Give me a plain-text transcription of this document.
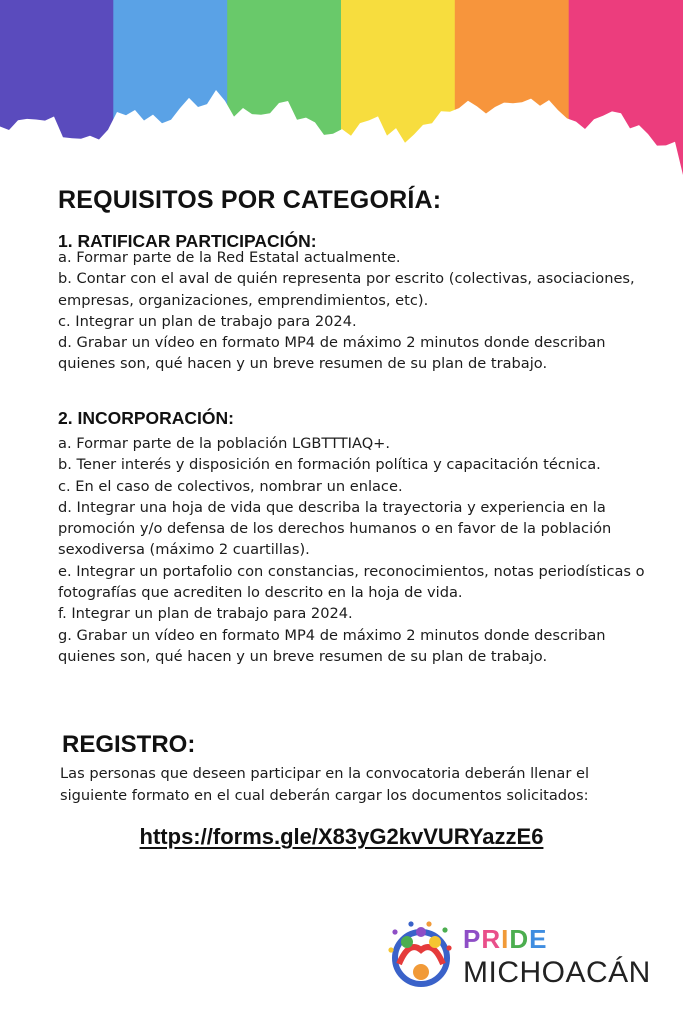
REQUISITOS POR CATEGORÍA:
1. RATIFICAR PARTICIPACIÓN:
a. Formar parte de la Red Estatal actualmente.
b. Contar con el aval de quién representa por escrito (colectivas, asociaciones, empresas, organizaciones, emprendimientos, etc).
c. Integrar un plan de trabajo para 2024.
d. Grabar un vídeo en formato MP4 de máximo 2 minutos donde describan quienes son, qué hacen y un breve resumen de su plan de trabajo.
2. INCORPORACIÓN:
a. Formar parte de la población LGBTTTIAQ+.
b. Tener interés y disposición en formación política y capacitación técnica.
c. En el caso de colectivos, nombrar un enlace.
d. Integrar una hoja de vida que describa la trayectoria y experiencia en la promoción y/o defensa de los derechos humanos o en favor de la población sexodiversa (máximo 2 cuartillas).
e. Integrar un portafolio con constancias, reconocimientos, notas periodísticas o fotografías que acrediten lo descrito en la hoja de vida.
f. Integrar un plan de trabajo para 2024.
g. Grabar un vídeo en formato MP4 de máximo 2 minutos donde describan quienes son, qué hacen y un breve resumen de su plan de trabajo.
REGISTRO:

Las personas que deseen participar en la convocatoria deberán llenar el siguiente formato en el cual deberán cargar los documentos solicitados:

https://forms.gle/X83yG2kvVURYazzE6
PRIDE
MICHOACÁN
